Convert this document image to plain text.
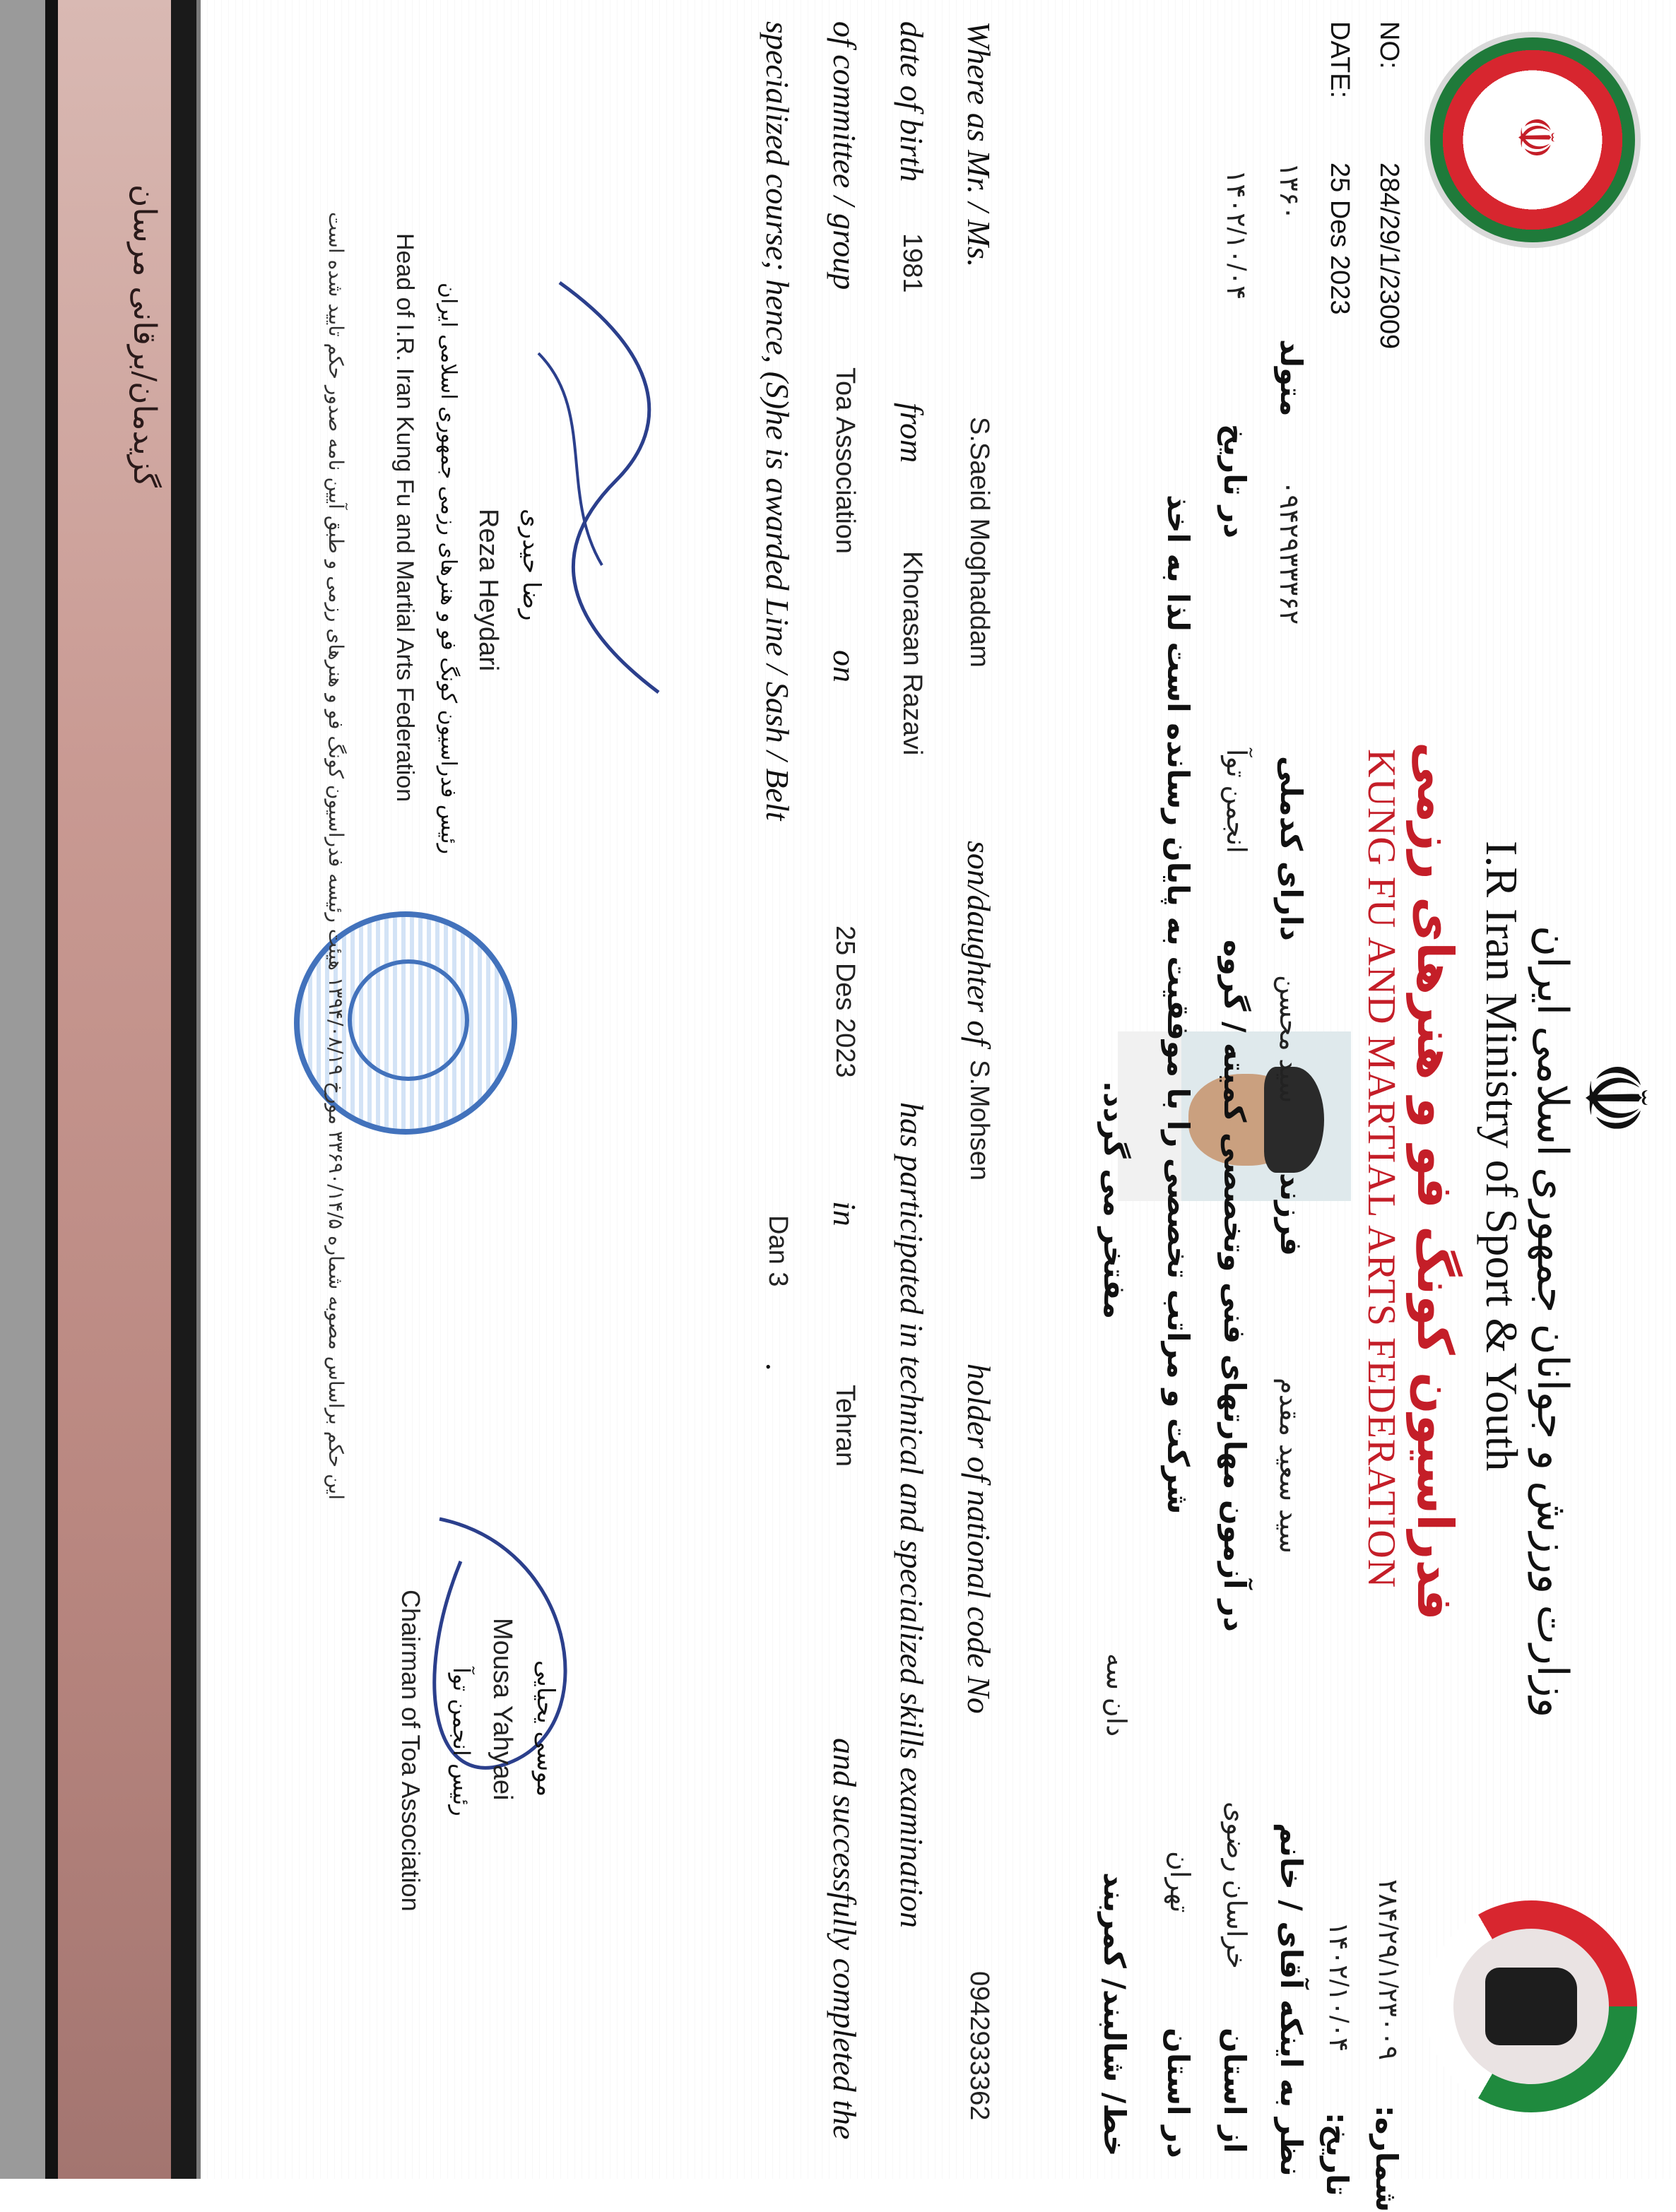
گزیدمان/برقانی مرسان
☫
☫
وزارت ورزش و جوانان جمهوری اسلامی ایران
I.R Iran Ministry of Sport & Youth
فدراسیون کونگ فو و هنرهای رزمی
KUNG FU AND MARTIAL ARTS FEDERATION
NO:
284/29/1/23009
DATE:
25 Des 2023
شماره:
۲۸۴/۲۹/۱/۲۳۰۰۹
تاریخ:
۱۴۰۲/۱۰/۰۴
۱۳۶۰
۱۴۰۲/۱۰/۰۴
نظر به اینکه آقای / خانم
سید سعید مقدم
فرزند
سید محسن
دارای کدملی
۰۹۴۲۹۳۳۳۶۲
متولد
از استان
خراسان رضوی
در آزمون مهارتهای فنی وتخصصی کمیته / گروه
انجمن توآ
در تاریخ
در استان
تهران
شرکت و مراتب تخصصی را با موفقیت به پایان رسانده است لذا به اخذ
خط/ شالبند/ کمربند
دان سه
مفتخر می گردد.
Where as Mr. / Ms.
S.Saeid Moghaddam
son/daughter of
S.Mohsen
holder of national code No
0942933362
date of birth
1981
from
Khorasan Razavi
has participated in technical and specialized skills examination
of committee / group
Toa Association
on
25 Des 2023
in
Tehran
and successfully completed the
specialized course; hence, (S)he is awarded Line / Sash / Belt
Dan 3
.
رضا حیدری
Reza Heydari
رئیس فدراسیون کونگ فو و هنرهای رزمی جمهوری اسلامی ایران
Head of I.R. Iran Kung Fu and Martial Arts Federation
موسی یحیایی
Mousa Yahyaei
رئیس انجمن توآ
Chairman of Toa Association
این حکم براساس مصوبه شماره ۳۳۶۹۰/۱۴/۵ مورخ ۱۳۹۴/۰۸/۱۹ هیئت رئیسه فدراسیون کونگ فو و هنرهای رزمی و طبق آیین نامه صدور حکم تایید شده است
